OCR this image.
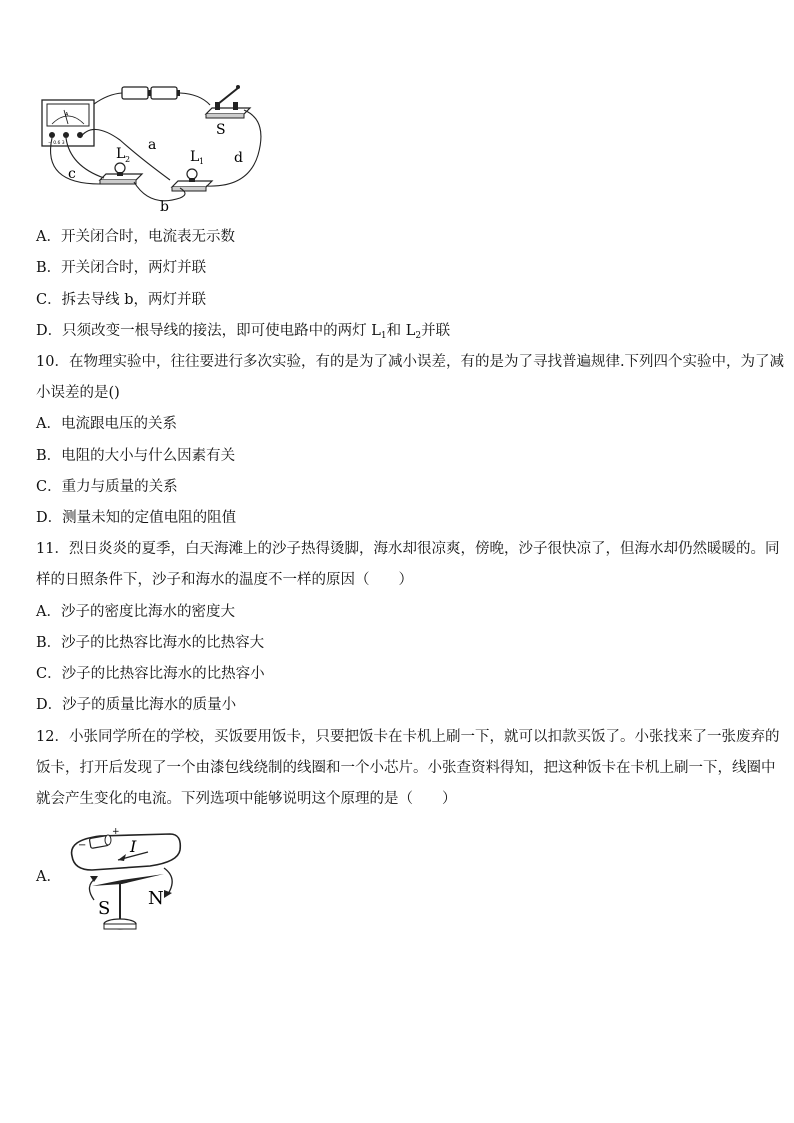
A
− 0.6 3
S
L 1
L 2
a
b
c
d
A．开关闭合时，电流表无示数
B．开关闭合时，两灯并联
C．拆去导线 b，两灯并联
D．只须改变一根导线的接法，即可使电路中的两灯 $L_1$和 $L_2$并联
10．在物理实验中，往往要进行多次实验，有的是为了减小误差，有的是为了寻找普遍规律.下列四个实验中，为了减
小误差的是()
A．电流跟电压的关系
B．电阻的大小与什么因素有关
C．重力与质量的关系
D．测量未知的定值电阻的阻值
11．烈日炎炎的夏季，白天海滩上的沙子热得烫脚，海水却很凉爽，傍晚，沙子很快凉了，但海水却仍然暖暖的。同
样的日照条件下，沙子和海水的温度不一样的原因（　　）
A．沙子的密度比海水的密度大
B．沙子的比热容比海水的比热容大
C．沙子的比热容比海水的比热容小
D．沙子的质量比海水的质量小
12．小张同学所在的学校，买饭要用饭卡，只要把饭卡在卡机上刷一下，就可以扣款买饭了。小张找来了一张废弃的
饭卡，打开后发现了一个由漆包线绕制的线圈和一个小芯片。小张查资料得知，把这种饭卡在卡机上刷一下，线圈中
就会产生变化的电流。下列选项中能够说明这个原理的是（　　）
A．
−
+
I
S N
